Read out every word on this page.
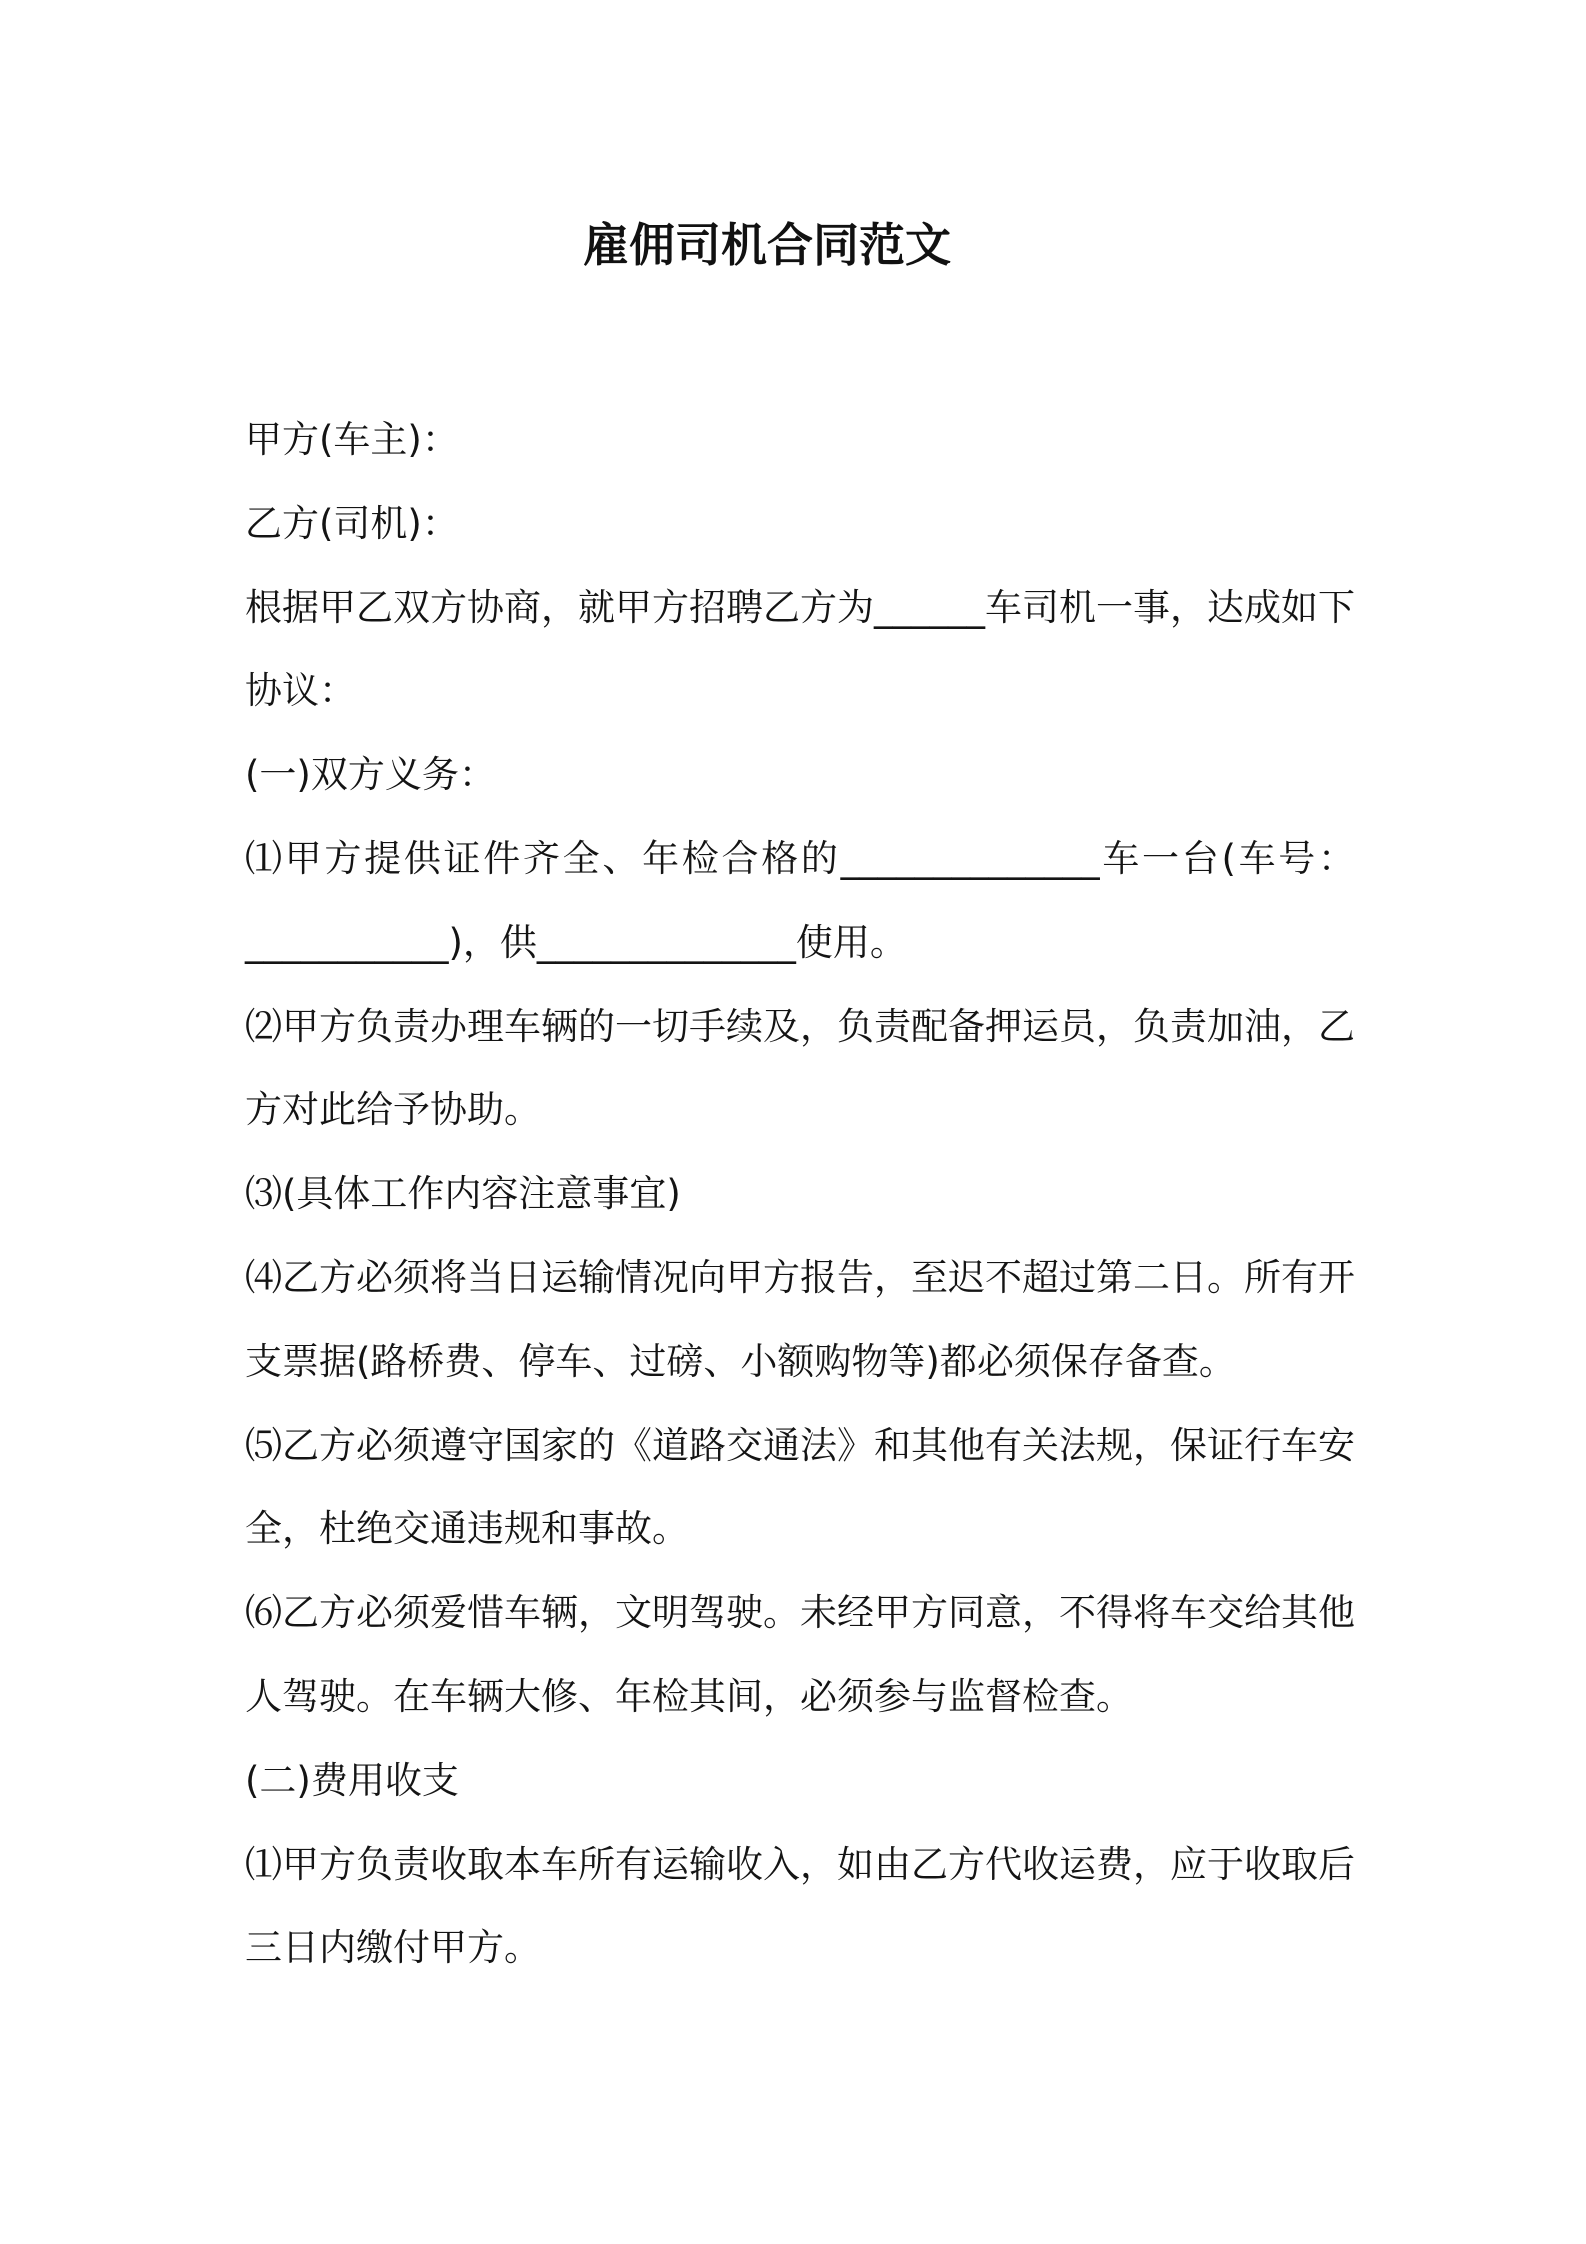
雇佣司机合同范文
甲方(车主)：
乙方(司机)：
根据甲乙双方协商，就甲方招聘乙方为______车司机一事，达成如下
协议：
(一)双方义务：
⑴甲方提供证件齐全、年检合格的______________车一台(车号：
___________)，供______________使用。
⑵甲方负责办理车辆的一切手续及，负责配备押运员，负责加油，乙
方对此给予协助。
⑶(具体工作内容注意事宜)
⑷乙方必须将当日运输情况向甲方报告，至迟不超过第二日。所有开
支票据(路桥费、停车、过磅、小额购物等)都必须保存备查。
⑸乙方必须遵守国家的《道路交通法》和其他有关法规，保证行车安
全，杜绝交通违规和事故。
⑹乙方必须爱惜车辆，文明驾驶。未经甲方同意，不得将车交给其他
人驾驶。在车辆大修、年检其间，必须参与监督检查。
(二)费用收支
⑴甲方负责收取本车所有运输收入，如由乙方代收运费，应于收取后
三日内缴付甲方。
